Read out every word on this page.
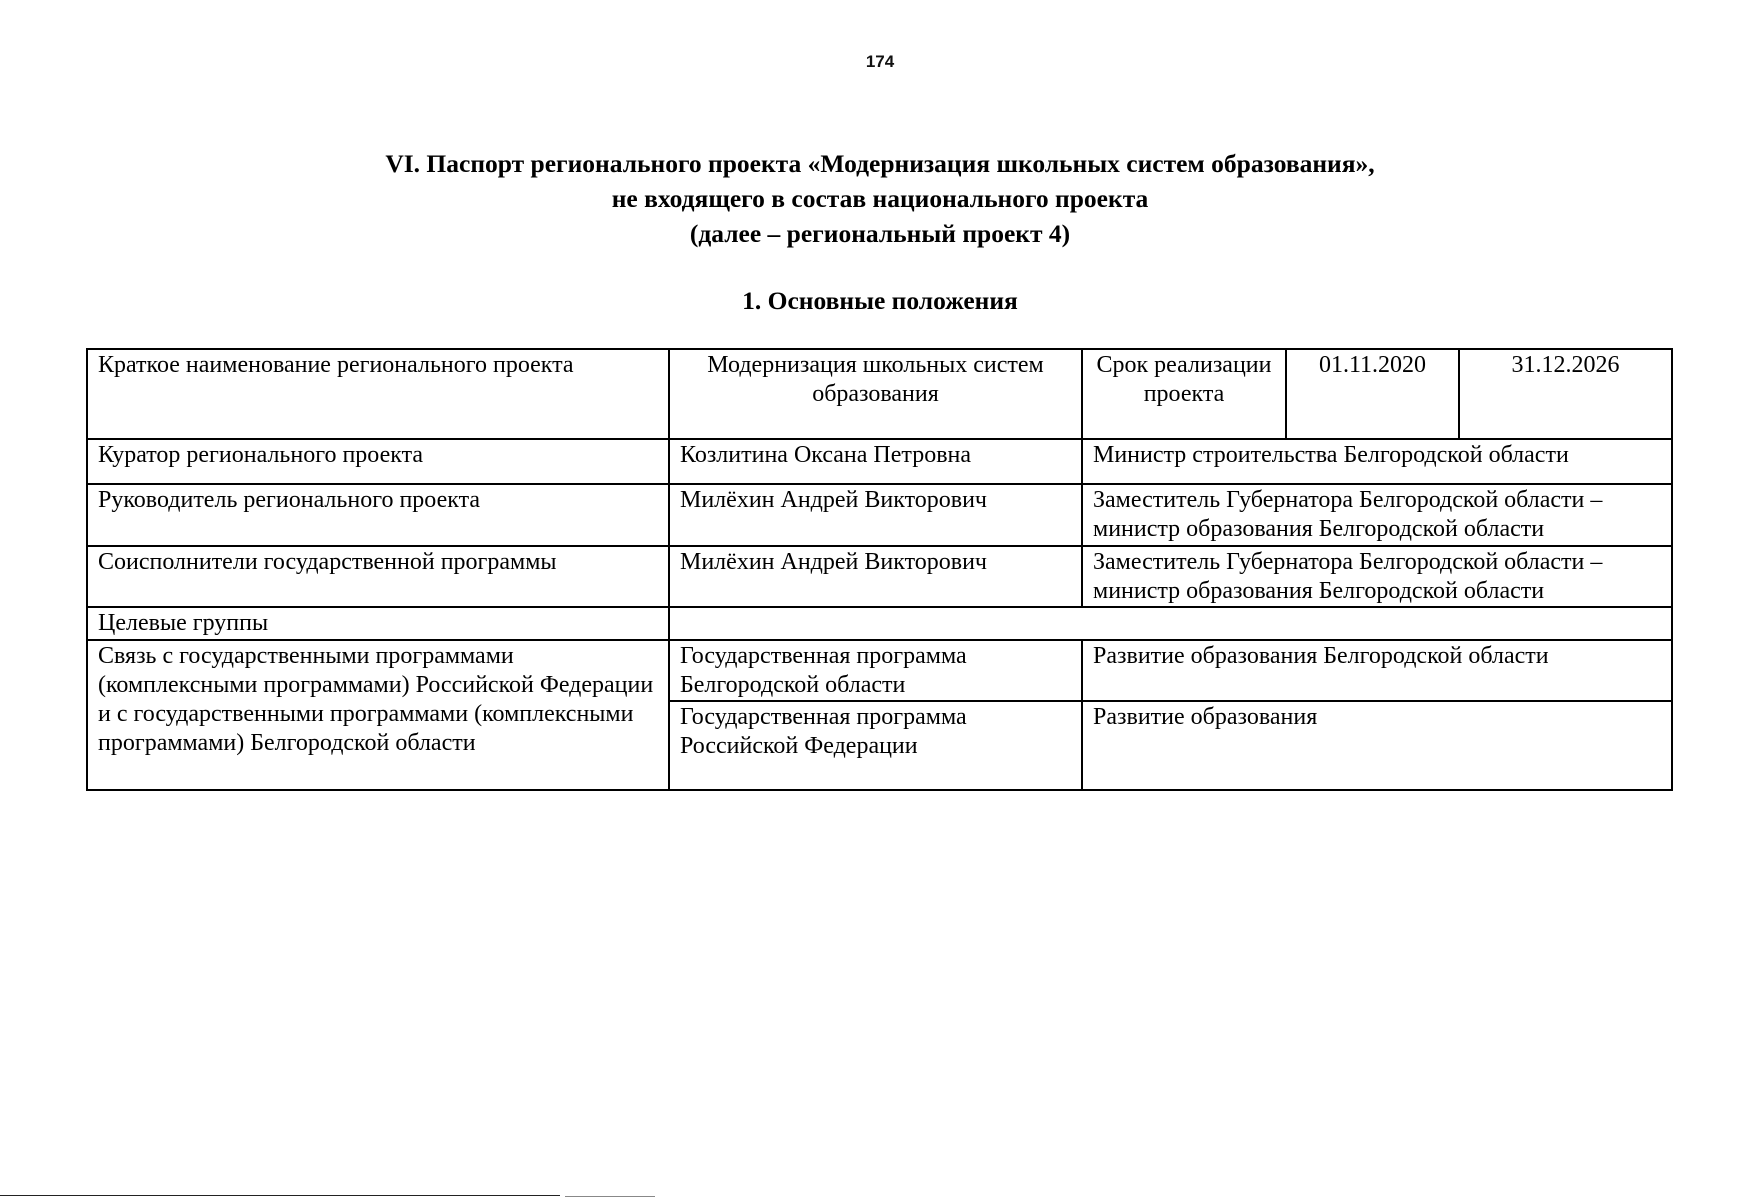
174
VI. Паспорт регионального проекта «Модернизация школьных систем образования»,
не входящего в состав национального проекта
(далее – региональный проект 4)
1. Основные положения
Краткое наименование регионального проекта	Модернизация школьных систем образования	Срок реализации проекта	01.11.2020	31.12.2026
Куратор регионального проекта	Козлитина Оксана Петровна	Министр строительства Белгородской области		
Руководитель регионального проекта	Милёхин Андрей Викторович	Заместитель Губернатора Белгородской области – министр образования Белгородской области		
Соисполнители государственной программы	Милёхин Андрей Викторович	Заместитель Губернатора Белгородской области – министр образования Белгородской области		
Целевые группы				
Связь с государственными программами (комплексными программами) Российской Федерации и с государственными программами (комплексными программами) Белгородской области	Государственная программа Белгородской области	Развитие образования Белгородской области		
	Государственная программа Российской Федерации	Развитие образования		
